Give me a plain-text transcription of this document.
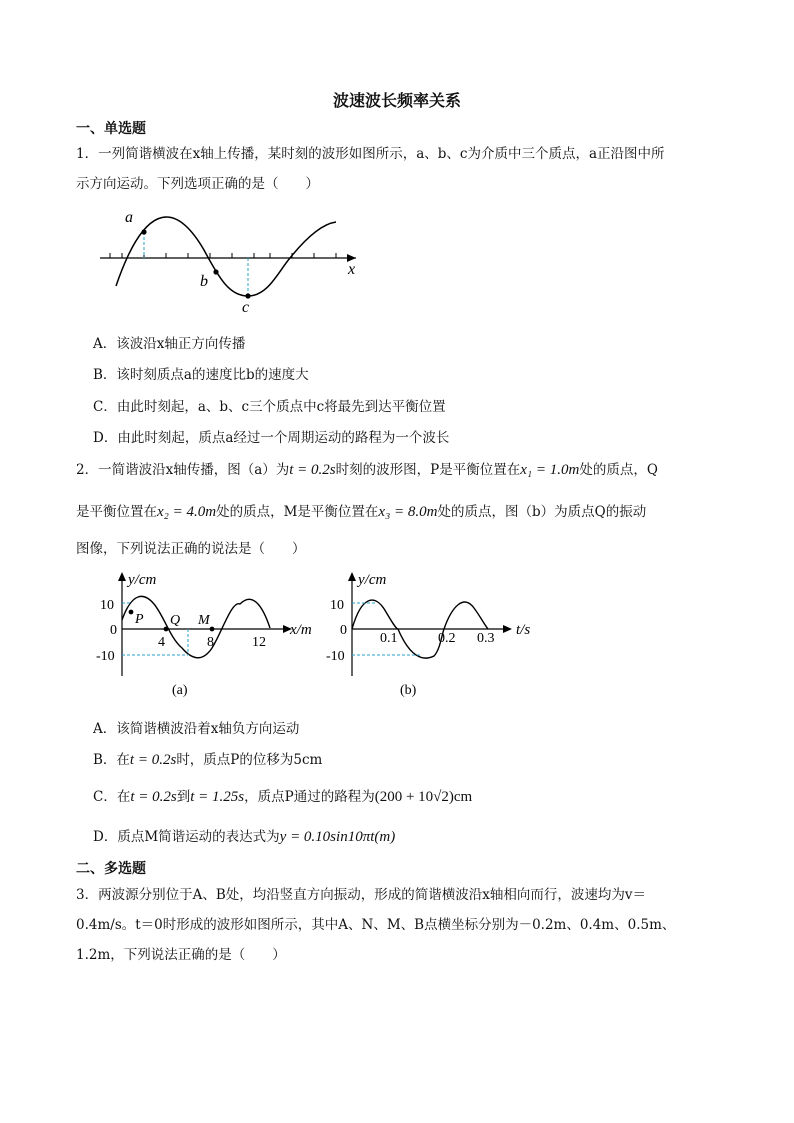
波速波长频率关系
一、单选题
1．一列简谐横波在x轴上传播，某时刻的波形如图所示，a、b、c为介质中三个质点，a正沿图中所
示方向运动。下列选项正确的是（　　）
a
b
c
x
A．该波沿x轴正方向传播
B．该时刻质点a的速度比b的速度大
C．由此时刻起，a、b、c三个质点中c将最先到达平衡位置
D．由此时刻起，质点a经过一个周期运动的路程为一个波长
2．一简谐波沿x轴传播，图（a）为t = 0.2s时刻的波形图，P是平衡位置在x₁ = 1.0m处的质点，Q
是平衡位置在x₂ = 4.0m处的质点，M是平衡位置在x₃ = 8.0m处的质点，图（b）为质点Q的振动
图像，下列说法正确的说法是（　　）
y/cm
x/m
10
0
-10
4	8	12
P Q M
(a)
y/cm
t/s
10
0
-10
0.1	0.2 0.3
(b)
A．该简谐横波沿着x轴负方向运动
B．在t = 0.2s时，质点P的位移为5cm
C．在t = 0.2s到t = 1.25s，质点P通过的路程为(200 + 10√2)cm
D．质点M简谐运动的表达式为y = 0.10sin10πt(m)
二、多选题
3．两波源分别位于A、B处，均沿竖直方向振动，形成的简谐横波沿x轴相向而行，波速均为v＝
0.4m/s。t＝0时形成的波形如图所示，其中A、N、M、B点横坐标分别为－0.2m、0.4m、0.5m、
1.2m，下列说法正确的是（　　）
